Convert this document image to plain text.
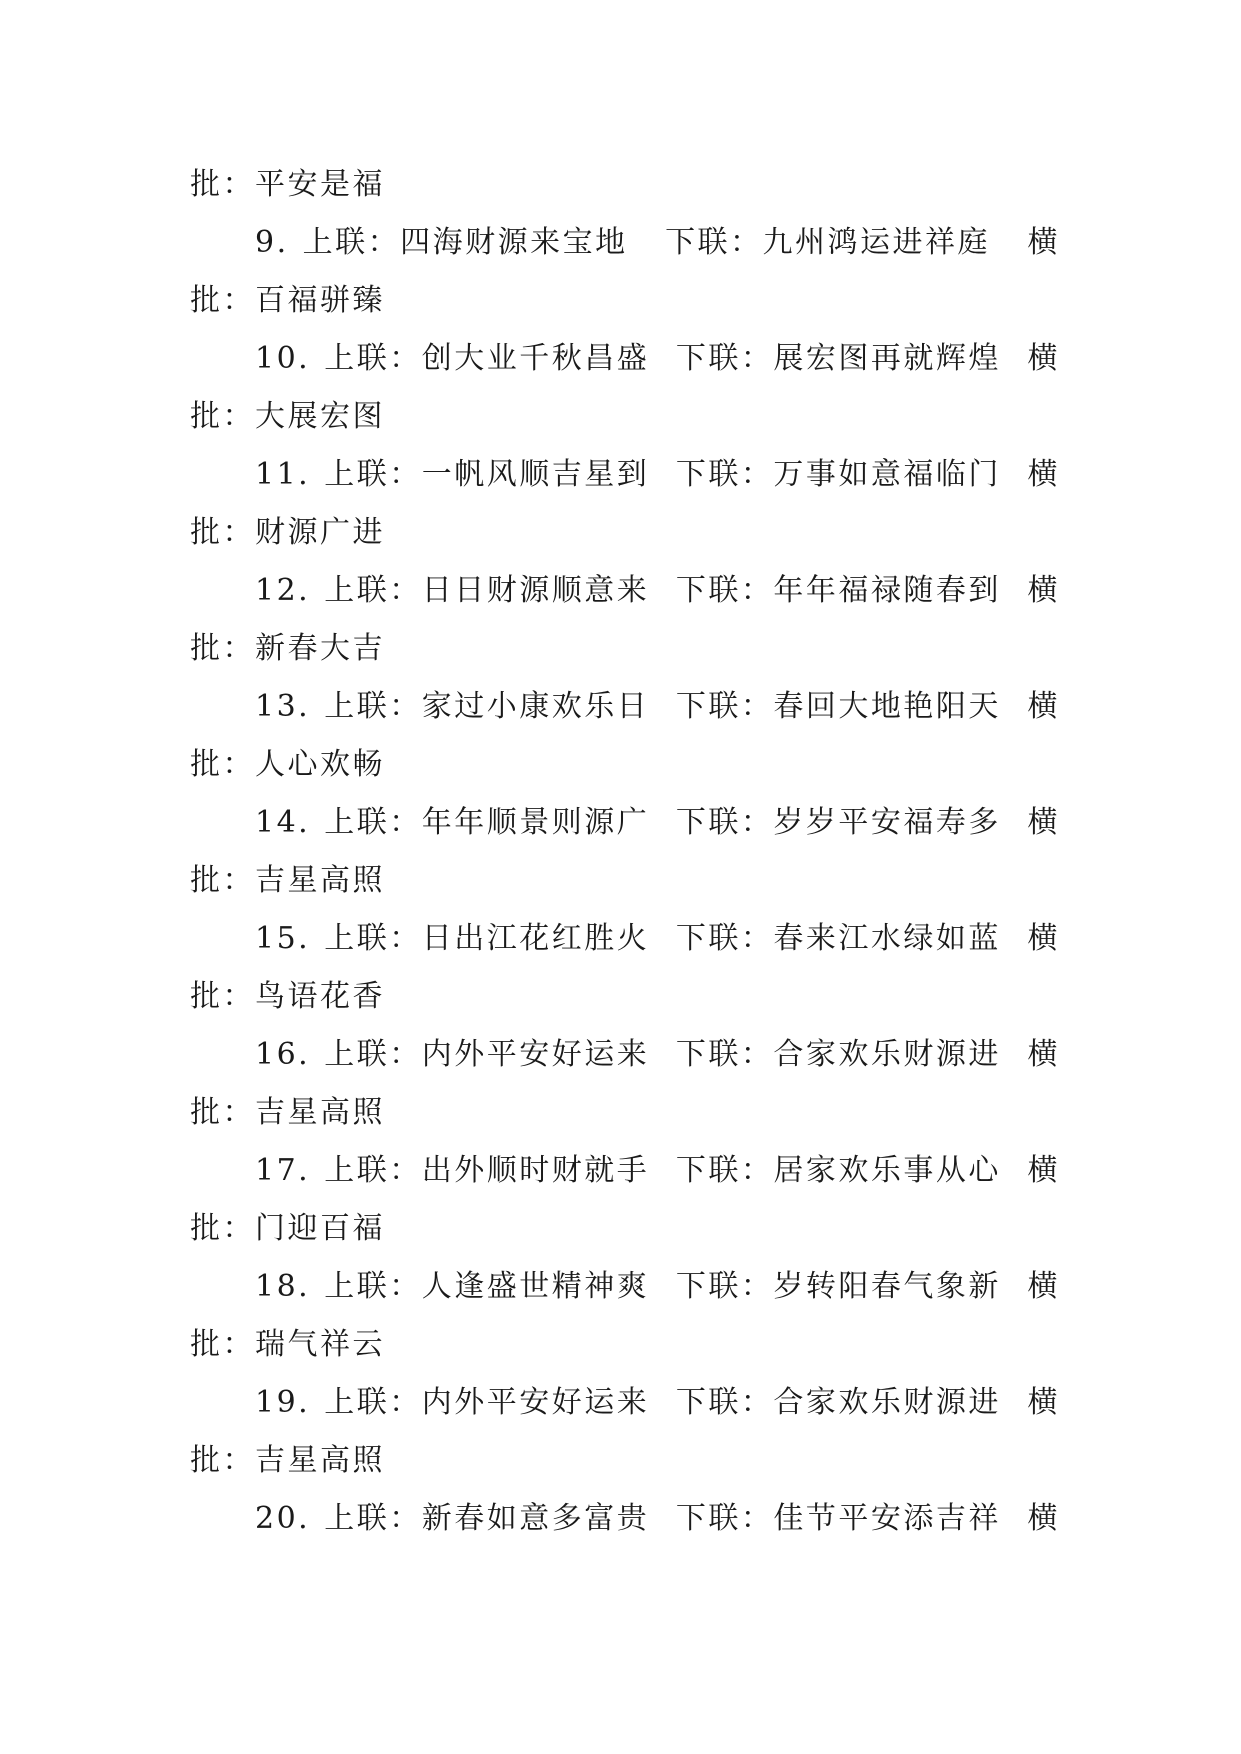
批：平安是福
9. 上联：四海财源来宝地 下联：九州鸿运进祥庭 横
批：百福骈臻
10. 上联：创大业千秋昌盛 下联：展宏图再就辉煌 横
批：大展宏图
11. 上联：一帆风顺吉星到 下联：万事如意福临门 横
批：财源广进
12. 上联：日日财源顺意来 下联：年年福禄随春到 横
批：新春大吉
13. 上联：家过小康欢乐日 下联：春回大地艳阳天 横
批：人心欢畅
14. 上联：年年顺景则源广 下联：岁岁平安福寿多 横
批：吉星高照
15. 上联：日出江花红胜火 下联：春来江水绿如蓝 横
批：鸟语花香
16. 上联：内外平安好运来 下联：合家欢乐财源进 横
批：吉星高照
17. 上联：出外顺时财就手 下联：居家欢乐事从心 横
批：门迎百福
18. 上联：人逢盛世精神爽 下联：岁转阳春气象新 横
批：瑞气祥云
19. 上联：内外平安好运来 下联：合家欢乐财源进 横
批：吉星高照
20. 上联：新春如意多富贵 下联：佳节平安添吉祥 横
